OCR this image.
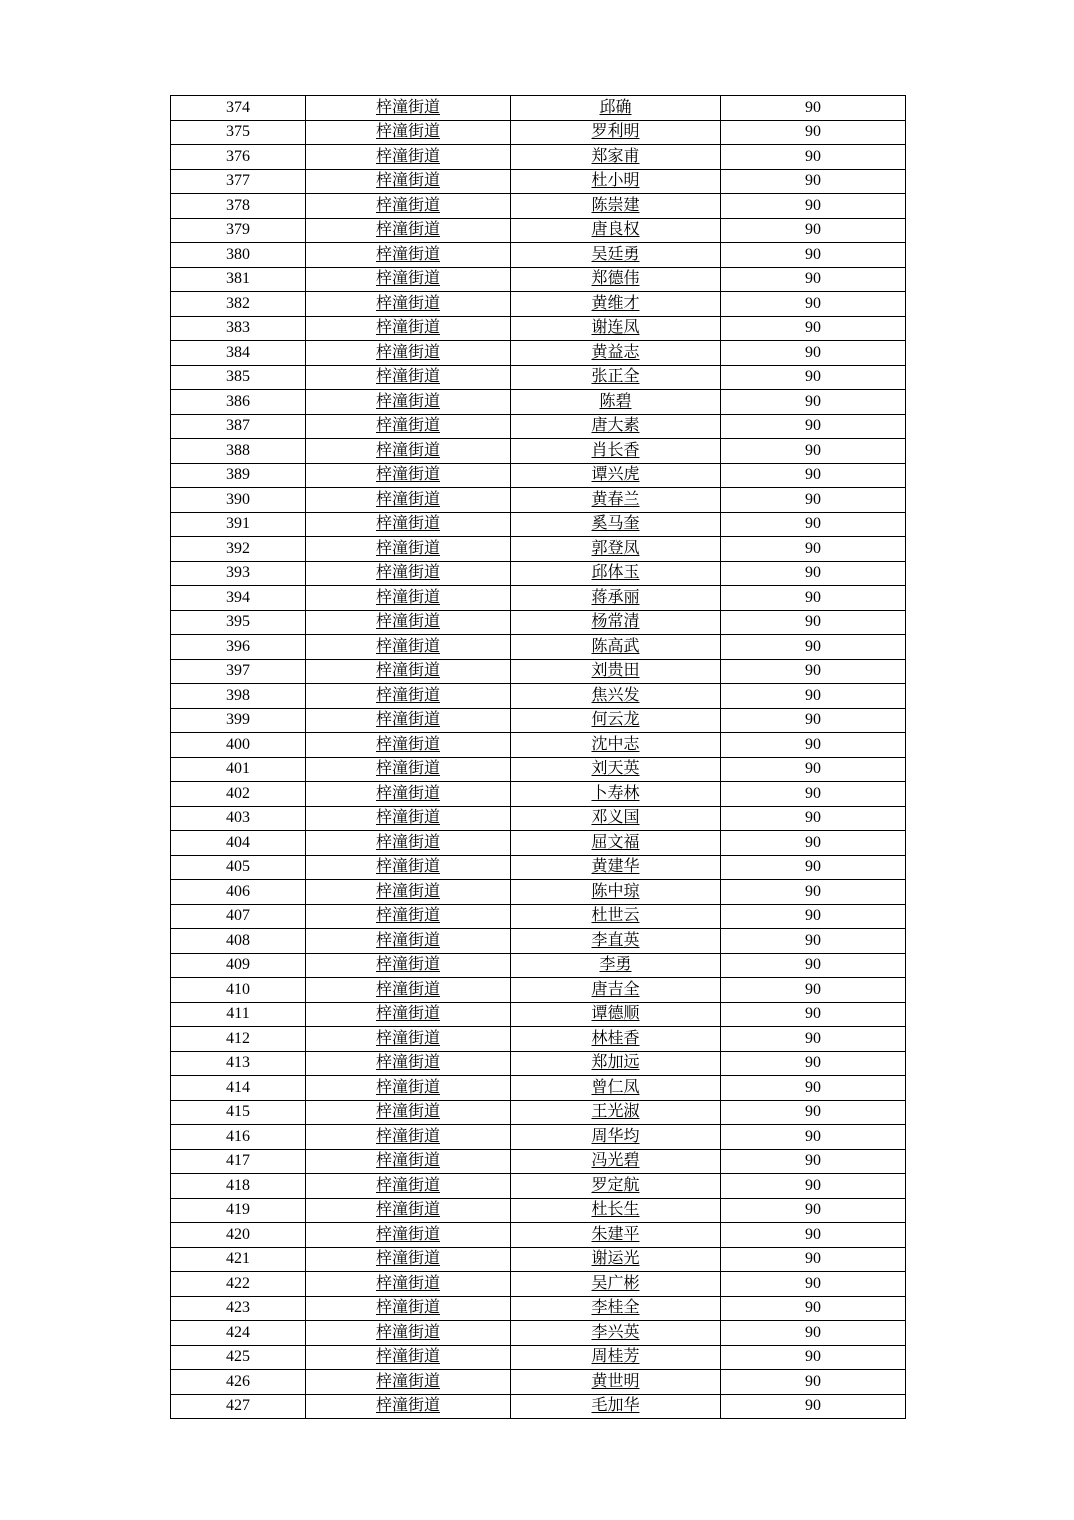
374	梓潼街道	邱确	90
375	梓潼街道	罗利明	90
376	梓潼街道	郑家甫	90
377	梓潼街道	杜小明	90
378	梓潼街道	陈崇建	90
379	梓潼街道	唐良权	90
380	梓潼街道	吴廷勇	90
381	梓潼街道	郑德伟	90
382	梓潼街道	黄维才	90
383	梓潼街道	谢连凤	90
384	梓潼街道	黄益志	90
385	梓潼街道	张正全	90
386	梓潼街道	陈碧	90
387	梓潼街道	唐大素	90
388	梓潼街道	肖长香	90
389	梓潼街道	谭兴虎	90
390	梓潼街道	黄春兰	90
391	梓潼街道	奚马奎	90
392	梓潼街道	郭登凤	90
393	梓潼街道	邱体玉	90
394	梓潼街道	蒋承丽	90
395	梓潼街道	杨常清	90
396	梓潼街道	陈高武	90
397	梓潼街道	刘贵田	90
398	梓潼街道	焦兴发	90
399	梓潼街道	何云龙	90
400	梓潼街道	沈中志	90
401	梓潼街道	刘天英	90
402	梓潼街道	卜寿林	90
403	梓潼街道	邓义国	90
404	梓潼街道	屈文福	90
405	梓潼街道	黄建华	90
406	梓潼街道	陈中琼	90
407	梓潼街道	杜世云	90
408	梓潼街道	李直英	90
409	梓潼街道	李勇	90
410	梓潼街道	唐吉全	90
411	梓潼街道	谭德顺	90
412	梓潼街道	林桂香	90
413	梓潼街道	郑加远	90
414	梓潼街道	曾仁凤	90
415	梓潼街道	王光淑	90
416	梓潼街道	周华均	90
417	梓潼街道	冯光碧	90
418	梓潼街道	罗定航	90
419	梓潼街道	杜长生	90
420	梓潼街道	朱建平	90
421	梓潼街道	谢运光	90
422	梓潼街道	吴广彬	90
423	梓潼街道	李桂全	90
424	梓潼街道	李兴英	90
425	梓潼街道	周桂芳	90
426	梓潼街道	黄世明	90
427	梓潼街道	毛加华	90
